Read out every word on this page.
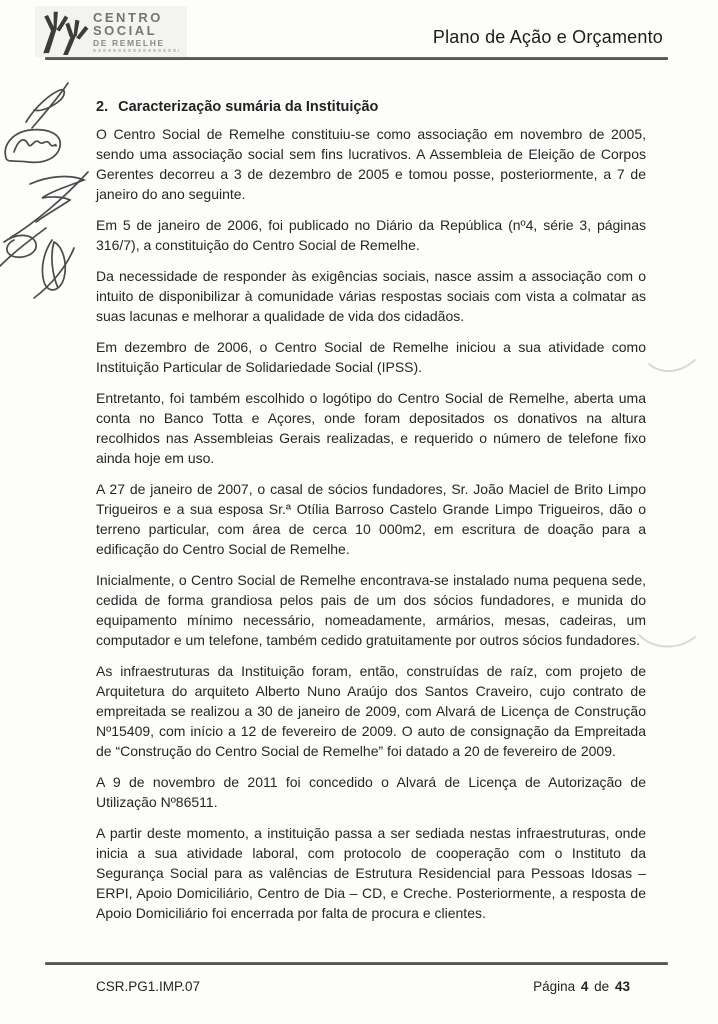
CENTRO
SOCIAL
DE REMELHE	Plano de Ação e Orçamento
2. Caracterização sumária da Instituição

O Centro Social de Remelhe constituiu-se como associação em novembro de 2005, sendo uma associação social sem fins lucrativos. A Assembleia de Eleição de Corpos Gerentes decorreu a 3 de dezembro de 2005 e tomou posse, posteriormente, a 7 de janeiro do ano seguinte.

Em 5 de janeiro de 2006, foi publicado no Diário da República (nº4, série 3, páginas 316/7), a constituição do Centro Social de Remelhe.

Da necessidade de responder às exigências sociais, nasce assim a associação com o intuito de disponibilizar à comunidade várias respostas sociais com vista a colmatar as suas lacunas e melhorar a qualidade de vida dos cidadãos.

Em dezembro de 2006, o Centro Social de Remelhe iniciou a sua atividade como Instituição Particular de Solidariedade Social (IPSS).

Entretanto, foi também escolhido o logótipo do Centro Social de Remelhe, aberta uma conta no Banco Totta e Açores, onde foram depositados os donativos na altura recolhidos nas Assembleias Gerais realizadas, e requerido o número de telefone fixo ainda hoje em uso.

A 27 de janeiro de 2007, o casal de sócios fundadores, Sr. João Maciel de Brito Limpo Trigueiros e a sua esposa Sr.ª Otília Barroso Castelo Grande Limpo Trigueiros, dão o terreno particular, com área de cerca 10 000m2, em escritura de doação para a edificação do Centro Social de Remelhe.

Inicialmente, o Centro Social de Remelhe encontrava-se instalado numa pequena sede, cedida de forma grandiosa pelos pais de um dos sócios fundadores, e munida do equipamento mínimo necessário, nomeadamente, armários, mesas, cadeiras, um computador e um telefone, também cedido gratuitamente por outros sócios fundadores.

As infraestruturas da Instituição foram, então, construídas de raíz, com projeto de Arquitetura do arquiteto Alberto Nuno Araújo dos Santos Craveiro, cujo contrato de empreitada se realizou a 30 de janeiro de 2009, com Alvará de Licença de Construção Nº15409, com início a 12 de fevereiro de 2009. O auto de consignação da Empreitada de “Construção do Centro Social de Remelhe” foi datado a 20 de fevereiro de 2009.

A 9 de novembro de 2011 foi concedido o Alvará de Licença de Autorização de Utilização Nº86511.

A partir deste momento, a instituição passa a ser sediada nestas infraestruturas, onde inicia a sua atividade laboral, com protocolo de cooperação com o Instituto da Segurança Social para as valências de Estrutura Residencial para Pessoas Idosas – ERPI, Apoio Domiciliário, Centro de Dia – CD, e Creche. Posteriormente, a resposta de Apoio Domiciliário foi encerrada por falta de procura e clientes.

CSR.PG1.IMP.07	Página 4 de 43
